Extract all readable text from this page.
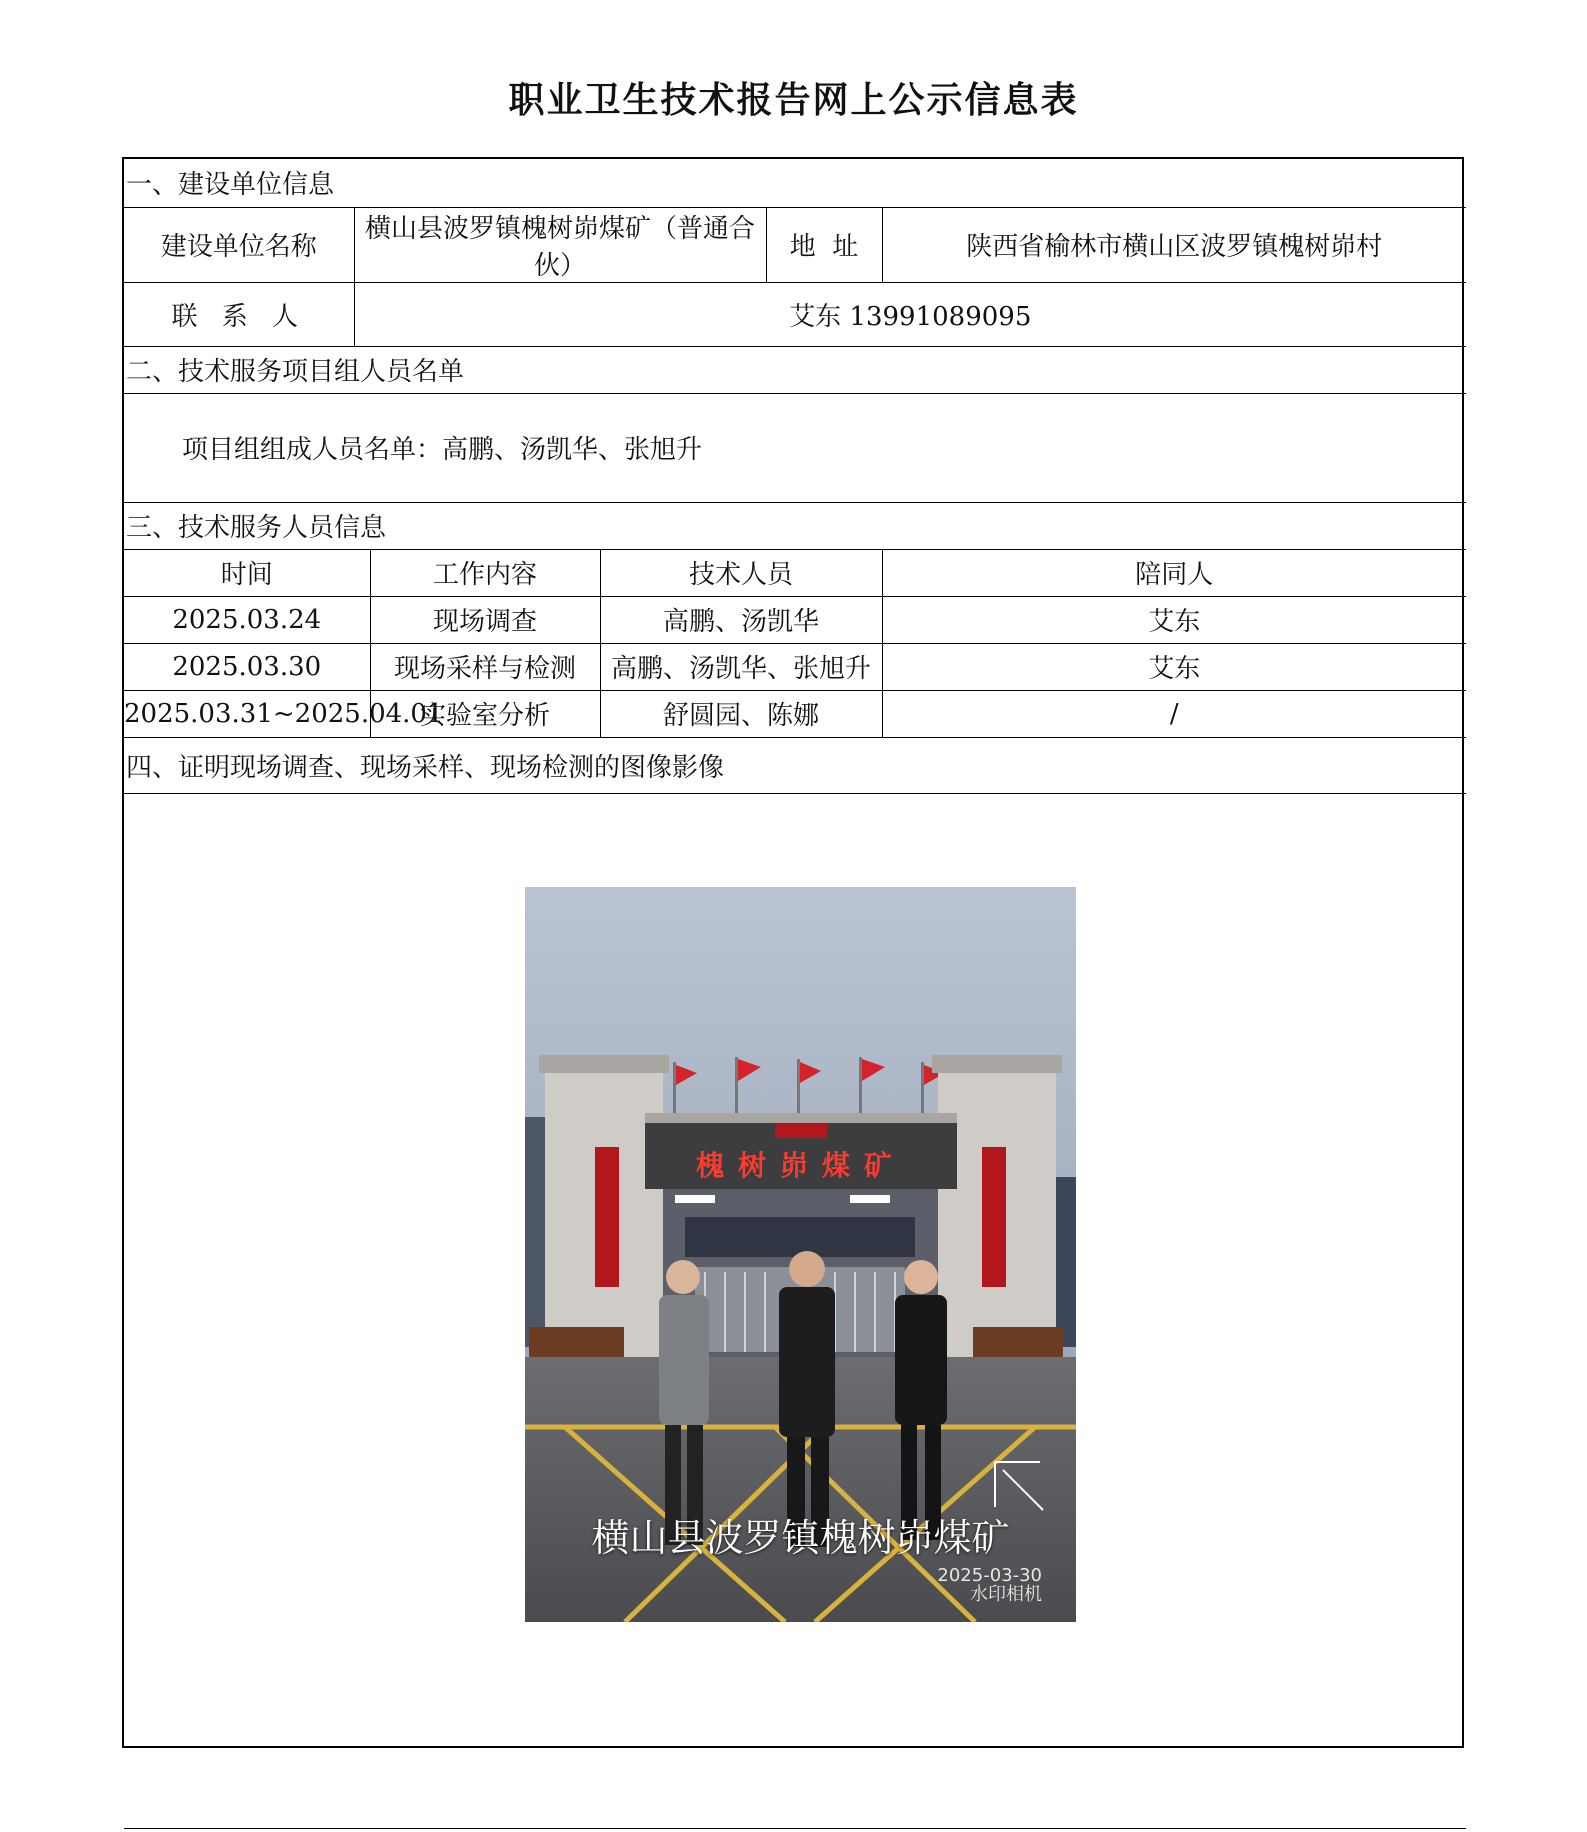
职业卫生技术报告网上公示信息表
一、建设单位信息					
建设单位名称	横山县波罗镇槐树峁煤矿（普通合伙）			地  址	陕西省榆林市横山区波罗镇槐树峁村
联 系 人	艾东 13991089095				
二、技术服务项目组人员名单					
项目组组成人员名单：高鹏、汤凯华、张旭升					
三、技术服务人员信息					
时间		工作内容	技术人员		陪同人
2025.03.24		现场调查	高鹏、汤凯华		艾东
2025.03.30		现场采样与检测	高鹏、汤凯华、张旭升		艾东
2025.03.31~2025.04.01		实验室分析	舒圆园、陈娜		/
四、证明现场调查、现场采样、现场检测的图像影像					

槐树峁煤矿
横山县波罗镇槐树峁煤矿
2025-03-30
水印相机
